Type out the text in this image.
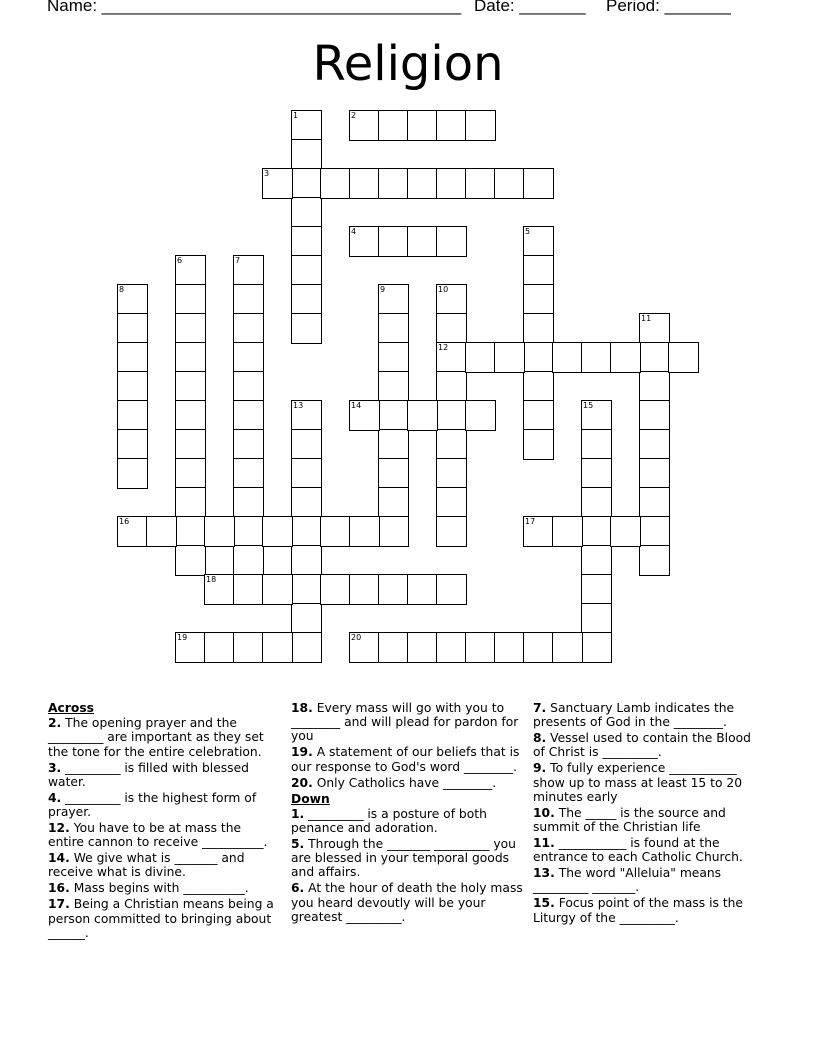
Name: ______________________________________ Date: _______ Period: _______
Religion
1	2
3
4	5
6	7
8	9	10
12
11
13	14	15
16	17
18
19	20
Across
2. The opening prayer and the _________ are important as they set the tone for the entire celebration.
3. _________ is filled with blessed water.
4. _________ is the highest form of prayer.
12. You have to be at mass the entire cannon to receive __________.
14. We give what is _______ and receive what is divine.
16. Mass begins with __________.
17. Being a Christian means being a person committed to bringing about ______.
18. Every mass will go with you to ________ and will plead for pardon for you
19. A statement of our beliefs that is our response to God's word ________.
20. Only Catholics have ________.
Down
1. _________ is a posture of both penance and adoration.
5. Through the _______ _________ you are blessed in your temporal goods and affairs.
6. At the hour of death the holy mass you heard devoutly will be your greatest _________.
7. Sanctuary Lamb indicates the presents of God in the ________.
8. Vessel used to contain the Blood of Christ is _________.
9. To fully experience ___________ show up to mass at least 15 to 20 minutes early
10. The _____ is the source and summit of the Christian life
11. ___________ is found at the entrance to each Catholic Church.
13. The word "Alleluia" means _________ _______.
15. Focus point of the mass is the Liturgy of the _________.
